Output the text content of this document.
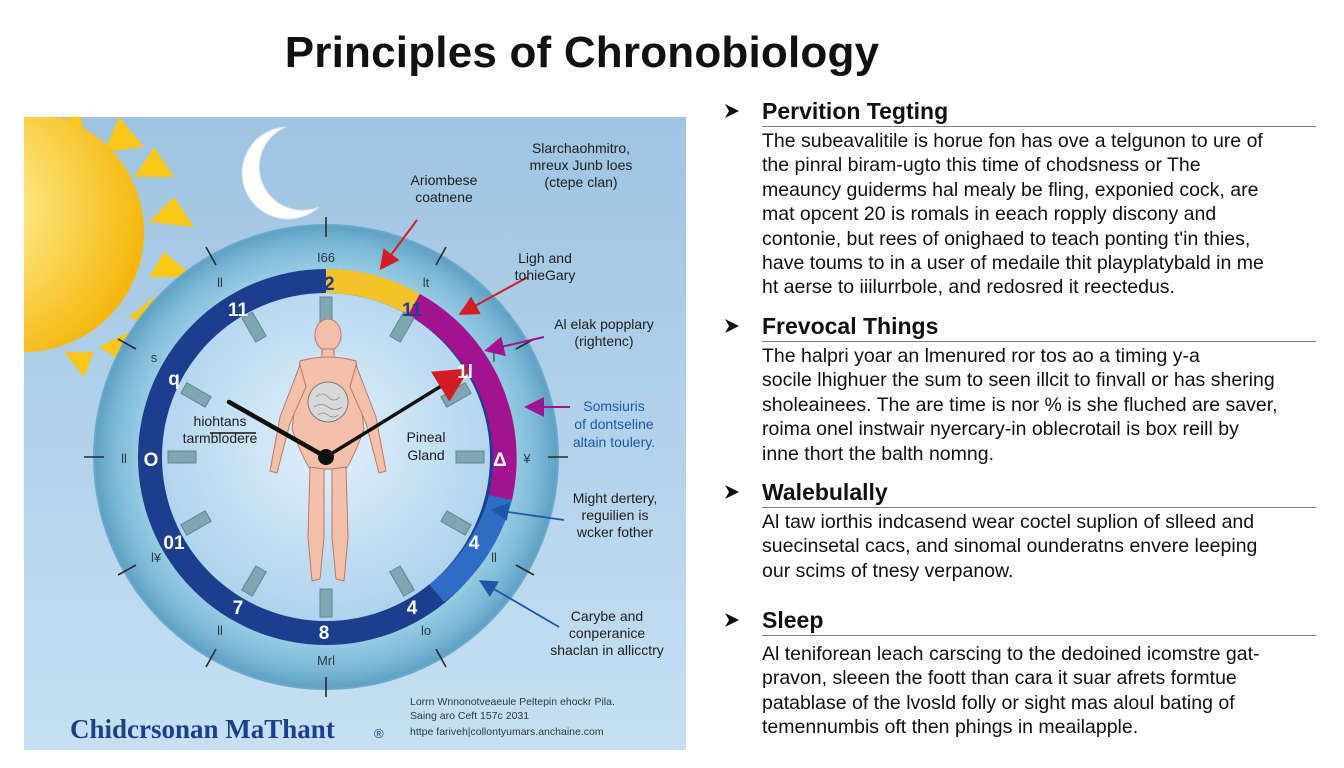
Principles of Chronobiology
12
11	11
1l
q
O
01
7
8
4
4
Δ
I66
ll	lt
s	l
ll	¥
l¥	ll
ll	lo
Mrl
Slarchaohmitro,
mreux Junb loes
(ctepe clan)
Ariombese
coatnene
Ligh and
tohieGary
Al elak popplary
(rightenc)
Might dertery,
reguilien is
wcker fother
Carybe and
conperanice
shaclan in allicctry
hiohtans
tarmblodere	Pineal
Gland
Somsiuris
of dontseline
altain toulery.
Lorrn Wnnonotveaeule Peltepin ehockr Pila.
Saing aro Ceft 157c 2031
httpe fariveh|collontyumars.anchaine.com
Chidcrsonan MaThant	®
Pervition Tegting
The subeavalitile is horue fon has ove a telgunon to ure of
the pinral biram-ugto this time of chodsness or The
meauncy guiderms hal mealy be fling, exponied cock, are
mat opcent 20 is romals in eeach ropply discony and
contonie, but rees of onighaed to teach ponting t'in thies,
have toums to in a user of medaile thit playplatybald in me
ht aerse to iiilurrbole, and redosred it reectedus.
Frevocal Things
The halpri yoar an lmenured ror tos ao a timing y-a
socile lhighuer the sum to seen illcit to finvall or has shering
sholeainees. The are time is nor % is she fluched are saver,
roima onel instwair nyercary-in oblecrotail is box reill by
inne thort the balth nomng.
Walebulally
Al taw iorthis indcasend wear coctel suplion of slleed and
suecinsetal cacs, and sinomal ounderatns envere leeping
our scims of tnesy verpanow.
Sleep
Al teniforean leach carscing to the dedoined icomstre gat-
pravon, sleeen the foott than cara it suar afrets formtue
patablase of the lvosld folly or sight mas aloul bating of
temennumbis oft then phings in meailapple.
